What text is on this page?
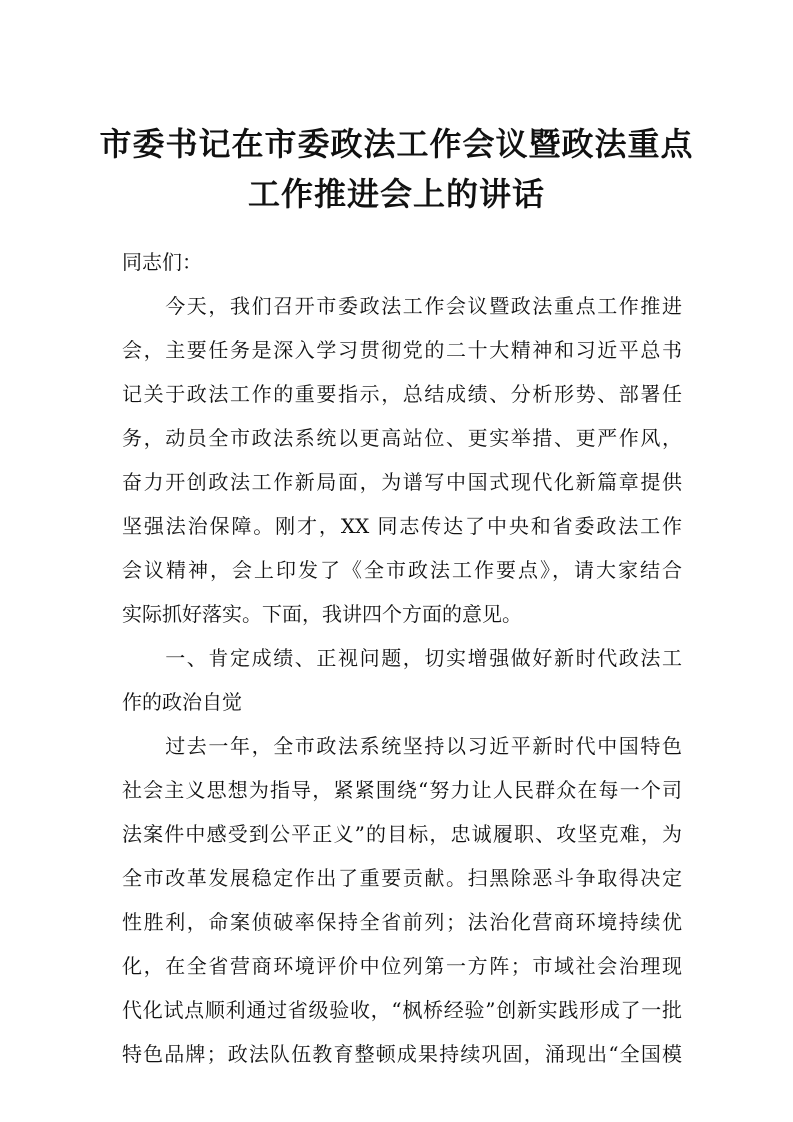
市委书记在市委政法工作会议暨政法重点
工作推进会上的讲话
同志们：
　　今天，我们召开市委政法工作会议暨政法重点工作推进
会，主要任务是深入学习贯彻党的二十大精神和习近平总书
记关于政法工作的重要指示，总结成绩、分析形势、部署任
务，动员全市政法系统以更高站位、更实举措、更严作风，
奋力开创政法工作新局面，为谱写中国式现代化新篇章提供
坚强法治保障。刚才，XX 同志传达了中央和省委政法工作
会议精神，会上印发了《全市政法工作要点》，请大家结合
实际抓好落实。下面，我讲四个方面的意见。
　　一、肯定成绩、正视问题，切实增强做好新时代政法工
作的政治自觉
　　过去一年，全市政法系统坚持以习近平新时代中国特色
社会主义思想为指导，紧紧围绕“努力让人民群众在每一个司
法案件中感受到公平正义”的目标，忠诚履职、攻坚克难，为
全市改革发展稳定作出了重要贡献。扫黑除恶斗争取得决定
性胜利，命案侦破率保持全省前列；法治化营商环境持续优
化，在全省营商环境评价中位列第一方阵；市域社会治理现
代化试点顺利通过省级验收，“枫桥经验”创新实践形成了一批
特色品牌；政法队伍教育整顿成果持续巩固，涌现出“全国模
